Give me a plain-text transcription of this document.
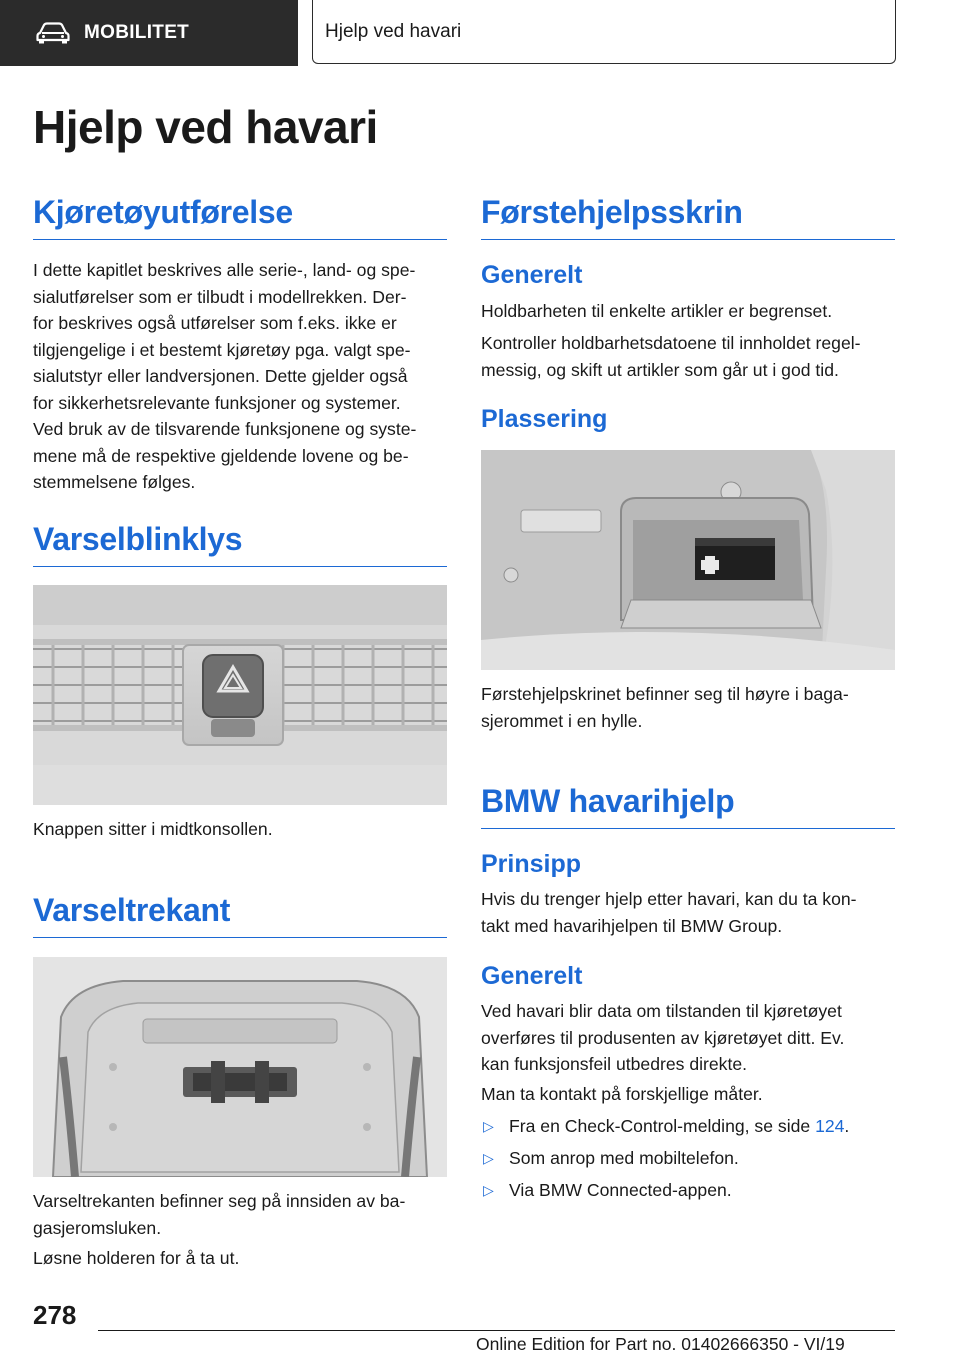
MOBILITET	Hjelp ved havari
Hjelp ved havari
Kjøretøyutførelse
I dette kapitlet beskrives alle serie-, land- og spe-
sialutførelser som er tilbudt i modellrekken. Der-
for beskrives også utførelser som f.eks. ikke er
tilgjengelige i et bestemt kjøretøy pga. valgt spe-
sialutstyr eller landversjonen. Dette gjelder også
for sikkerhetsrelevante funksjoner og systemer.
Ved bruk av de tilsvarende funksjonene og syste-
mene må de respektive gjeldende lovene og be-
stemmelsene følges.
Varselblinklys
Knappen sitter i midtkonsollen.
Varseltrekant
Varseltrekanten befinner seg på innsiden av ba-
gasjeromsluken.
Løsne holderen for å ta ut.
Førstehjelpsskrin
Generelt
Holdbarheten til enkelte artikler er begrenset.
Kontroller holdbarhetsdatoene til innholdet regel-
messig, og skift ut artikler som går ut i god tid.
Plassering
Førstehjelpskrinet befinner seg til høyre i baga-
sjerommet i en hylle.
BMW havarihjelp
Prinsipp
Hvis du trenger hjelp etter havari, kan du ta kon-
takt med havarihjelpen til BMW Group.
Generelt
Ved havari blir data om tilstanden til kjøretøyet
overføres til produsenten av kjøretøyet ditt. Ev.
kan funksjonsfeil utbedres direkte.
Man ta kontakt på forskjellige måter.
▷ Fra en Check-Control-melding, se side 124.
▷ Som anrop med mobiltelefon.
▷ Via BMW Connected-appen.
278
Online Edition for Part no. 01402666350 - VI/19
